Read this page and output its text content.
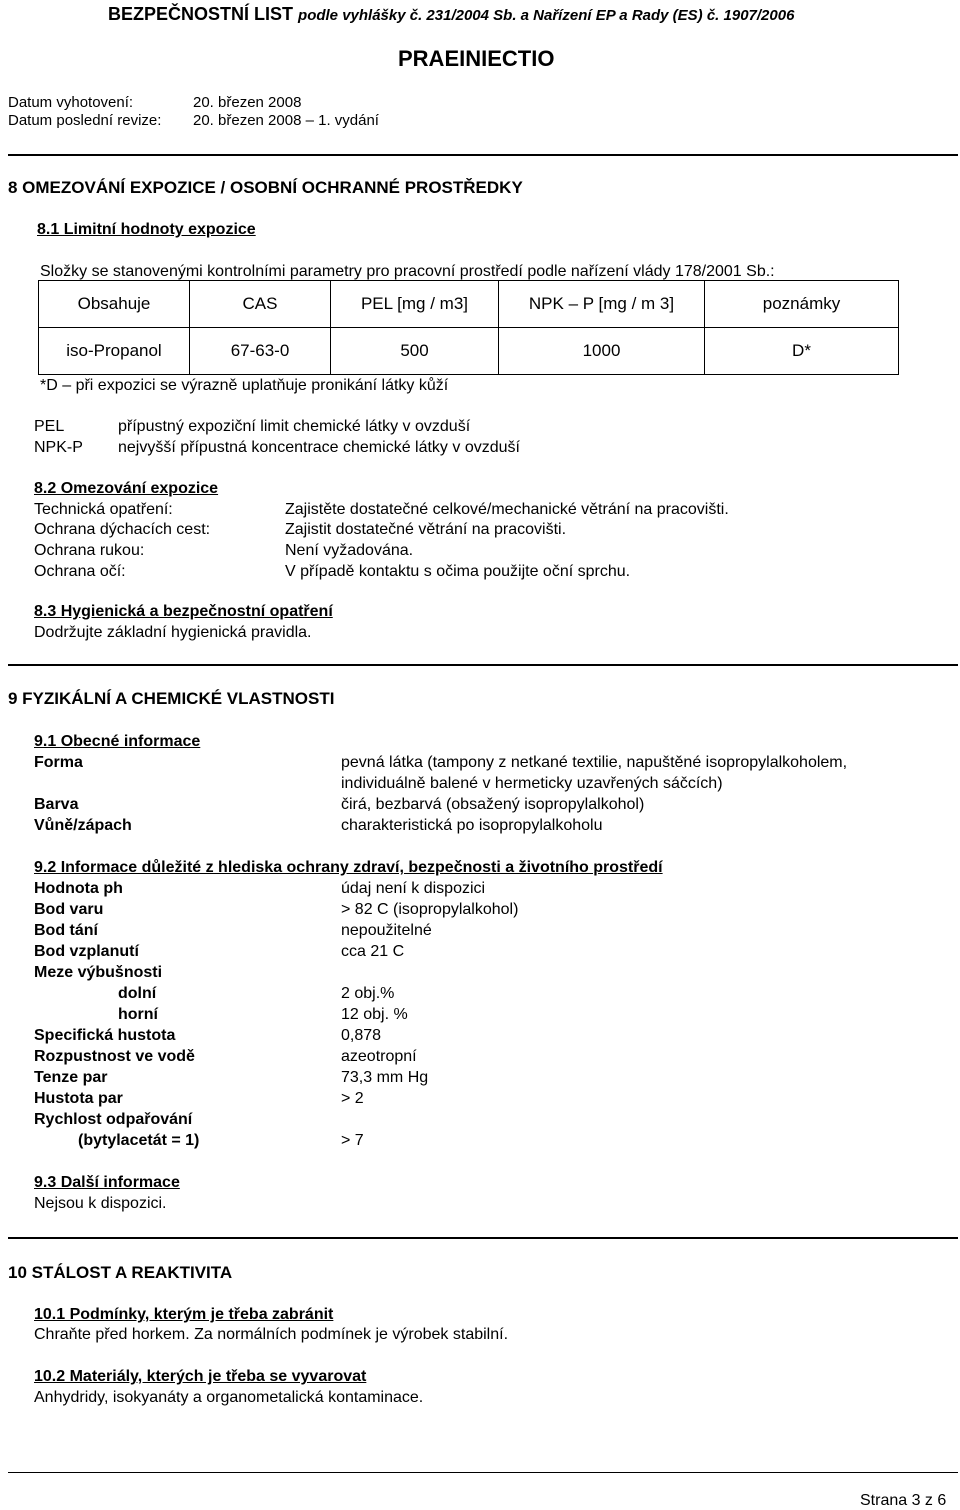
BEZPEČNOSTNÍ LIST podle vyhlášky č. 231/2004 Sb. a Nařízení EP a Rady (ES) č. 1907/2006
PRAEINIECTIO
Datum vyhotovení:	20. březen 2008
Datum poslední revize: 20. březen 2008 – 1. vydání
8 OMEZOVÁNÍ EXPOZICE / OSOBNÍ OCHRANNÉ PROSTŘEDKY
8.1 Limitní hodnoty expozice
Složky se stanovenými kontrolními parametry pro pracovní prostředí podle nařízení vlády 178/2001 Sb.:
Obsahuje	CAS	PEL [mg / m3]	NPK – P [mg / m 3]	poznámky
iso-Propanol	67-63-0	500	1000	D*
*D – při expozici se výrazně uplatňuje pronikání látky kůží
PEL	přípustný expoziční limit chemické látky v ovzduší
NPK-P nejvyšší přípustná koncentrace chemické látky v ovzduší
8.2 Omezování expozice
Technická opatření:	Zajistěte dostatečné celkové/mechanické větrání na pracovišti.
Ochrana dýchacích cest:	Zajistit dostatečné větrání na pracovišti.
Ochrana rukou:	Není vyžadována.
Ochrana očí:	V případě kontaktu s očima použijte oční sprchu.
8.3 Hygienická a bezpečnostní opatření
Dodržujte základní hygienická pravidla.
9 FYZIKÁLNÍ A CHEMICKÉ VLASTNOSTI
9.1 Obecné informace
Forma	pevná látka (tampony z netkané textilie, napuštěné isopropylalkoholem,
individuálně balené v hermeticky uzavřených sáčcích)
Barva	čirá, bezbarvá (obsažený isopropylalkohol)
Vůně/zápach	charakteristická po isopropylalkoholu
9.2 Informace důležité z hlediska ochrany zdraví, bezpečnosti a životního prostředí
Hodnota ph	údaj není k dispozici
Bod varu	> 82 C (isopropylalkohol)
Bod tání	nepoužitelné
Bod vzplanutí	cca 21 C
Meze výbušnosti
dolní	2 obj.%
horní	12 obj. %
Specifická hustota	0,878
Rozpustnost ve vodě	azeotropní
Tenze par	73,3 mm Hg
Hustota par	> 2
Rychlost odpařování
(bytylacetát = 1)	> 7
9.3 Další informace
Nejsou k dispozici.
10 STÁLOST A REAKTIVITA
10.1 Podmínky, kterým je třeba zabránit
Chraňte před horkem. Za normálních podmínek je výrobek stabilní.
10.2 Materiály, kterých je třeba se vyvarovat
Anhydridy, isokyanáty a organometalická kontaminace.
Strana 3 z 6
